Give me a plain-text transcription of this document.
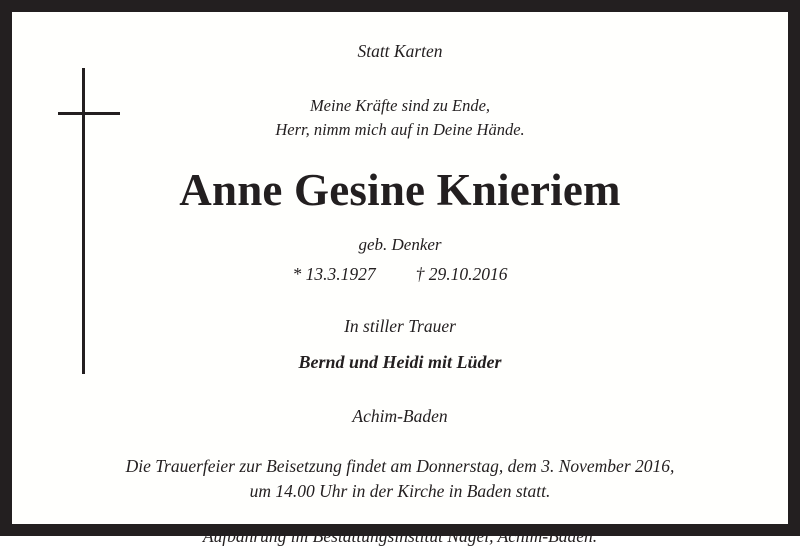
Statt Karten
Meine Kräfte sind zu Ende,
Herr, nimm mich auf in Deine Hände.
Anne Gesine Knieriem
geb. Denker
* 13.3.1927 † 29.10.2016
In stiller Trauer
Bernd und Heidi mit Lüder
Achim-Baden
Die Trauerfeier zur Beisetzung findet am Donnerstag, dem 3. November 2016,
um 14.00 Uhr in der Kirche in Baden statt.
Aufbahrung im Bestattungsinstitut Nagel, Achim-Baden.
